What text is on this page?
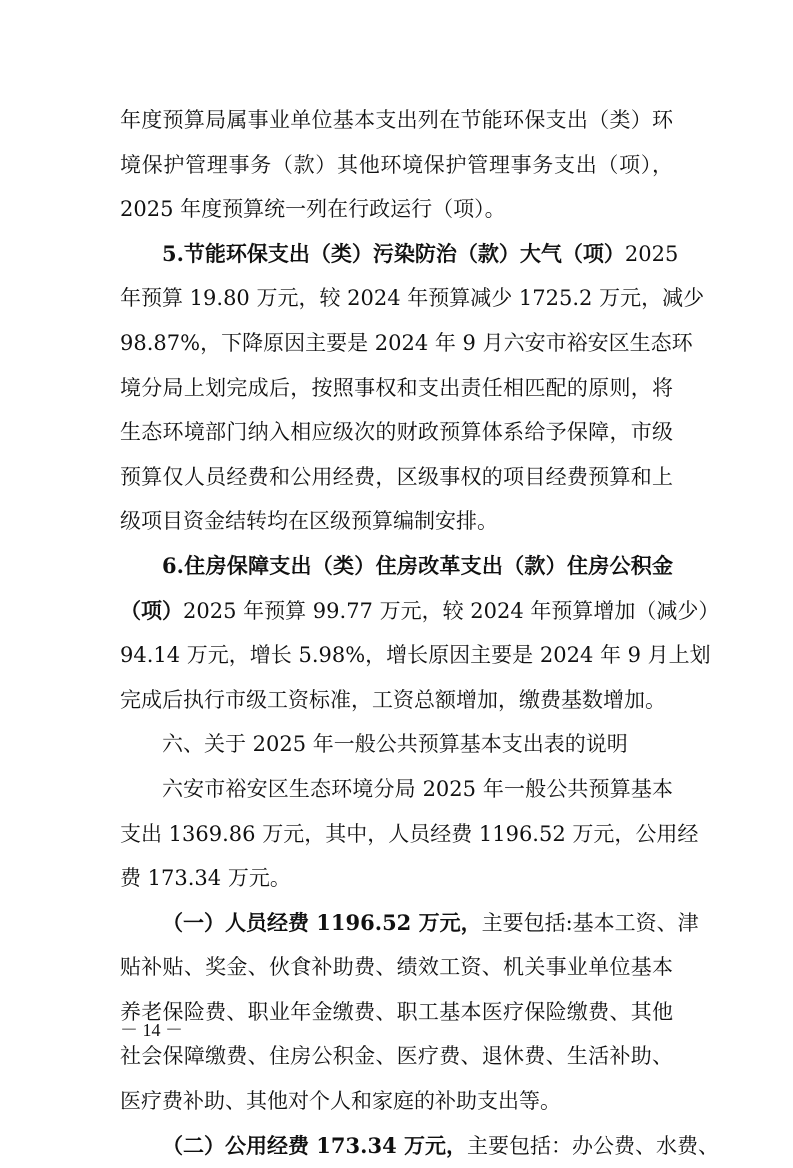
年度预算局属事业单位基本支出列在节能环保支出（类）环
境保护管理事务（款）其他环境保护管理事务支出（项），
2025 年度预算统一列在行政运行（项）。
5.节能环保支出（类）污染防治（款）大气（项）2025
年预算 19.80 万元，较 2024 年预算减少 1725.2 万元，减少
98.87%，下降原因主要是 2024 年 9 月六安市裕安区生态环
境分局上划完成后，按照事权和支出责任相匹配的原则，将
生态环境部门纳入相应级次的财政预算体系给予保障，市级
预算仅人员经费和公用经费，区级事权的项目经费预算和上
级项目资金结转均在区级预算编制安排。
6.住房保障支出（类）住房改革支出（款）住房公积金
（项）2025 年预算 99.77 万元，较 2024 年预算增加（减少）
94.14 万元，增长 5.98%，增长原因主要是 2024 年 9 月上划
完成后执行市级工资标准，工资总额增加，缴费基数增加。
六、关于 2025 年一般公共预算基本支出表的说明
六安市裕安区生态环境分局 2025 年一般公共预算基本
支出 1369.86 万元，其中，人员经费 1196.52 万元，公用经
费 173.34 万元。
（一）人员经费 1196.52 万元，主要包括:基本工资、津
贴补贴、奖金、伙食补助费、绩效工资、机关事业单位基本
养老保险费、职业年金缴费、职工基本医疗保险缴费、其他
社会保障缴费、住房公积金、医疗费、退休费、生活补助、
医疗费补助、其他对个人和家庭的补助支出等。
（二）公用经费 173.34 万元，主要包括：办公费、水费、
－ 14 －
